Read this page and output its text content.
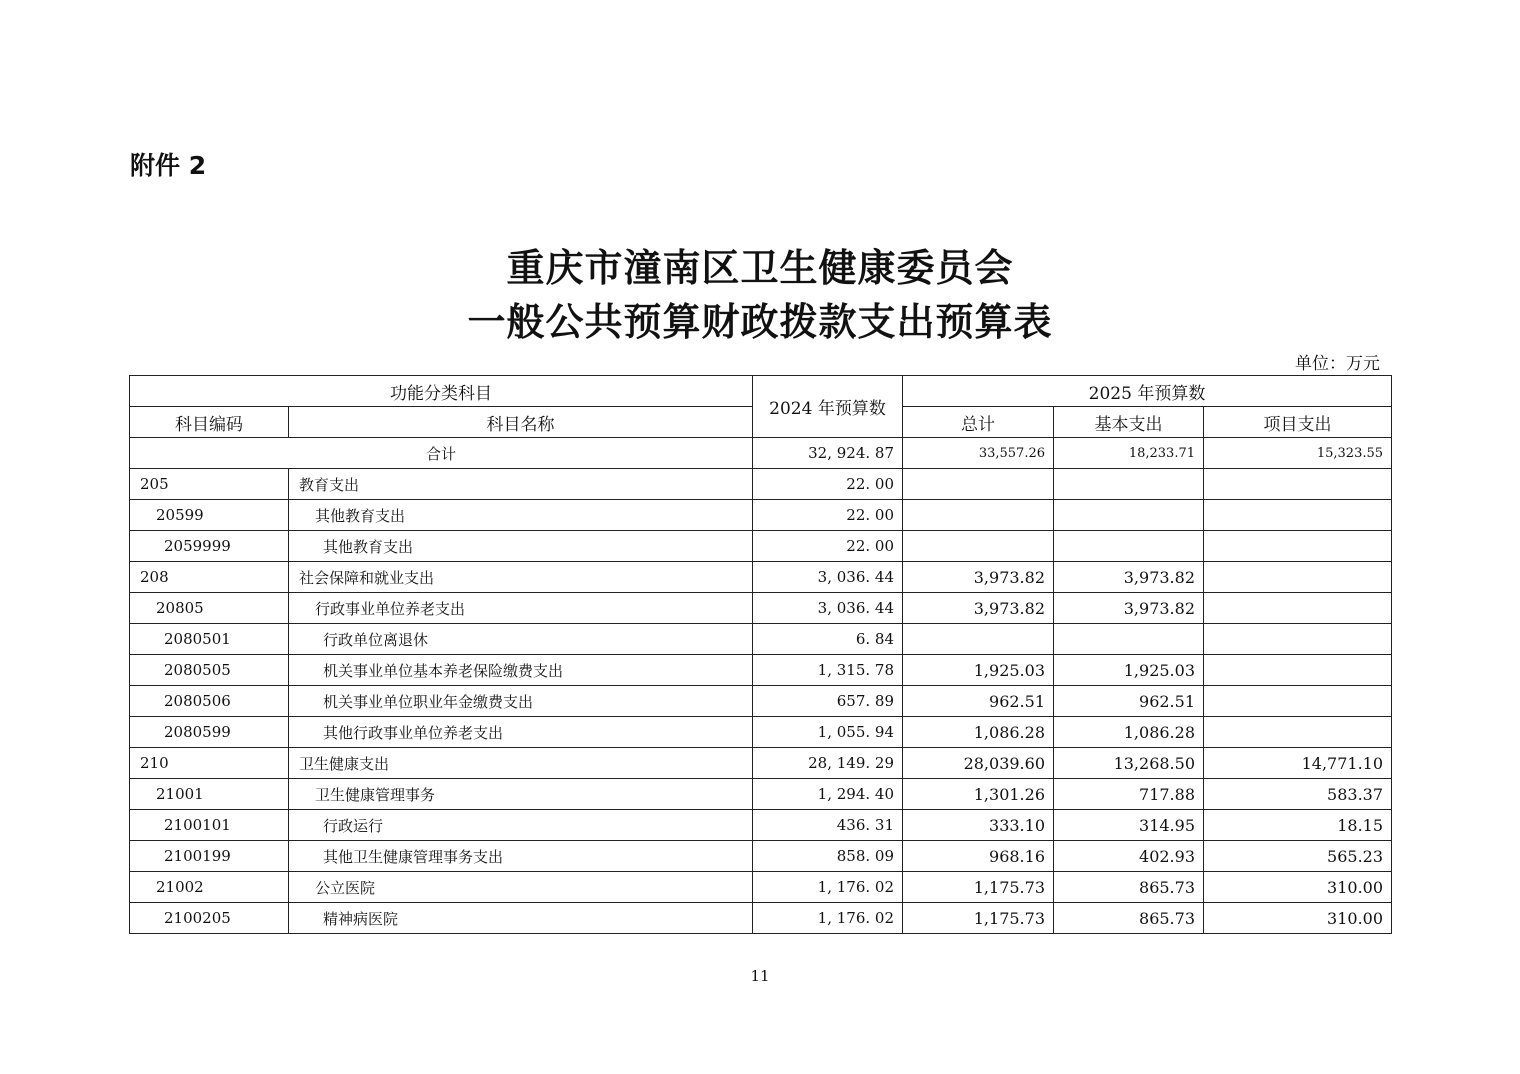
附件 2
重庆市潼南区卫生健康委员会
一般公共预算财政拨款支出预算表
单位：万元
功能分类科目		2024 年预算数	2025 年预算数		
科目编码	科目名称		总计	基本支出	项目支出
合计		32, 924. 87	33,557.26	18,233.71	15,323.55
205	教育支出	22. 00			
20599	其他教育支出	22. 00			
2059999	其他教育支出	22. 00			
208	社会保障和就业支出	3, 036. 44	3,973.82	3,973.82	
20805	行政事业单位养老支出	3, 036. 44	3,973.82	3,973.82	
2080501	行政单位离退休	6. 84			
2080505	机关事业单位基本养老保险缴费支出	1, 315. 78	1,925.03	1,925.03	
2080506	机关事业单位职业年金缴费支出	657. 89	962.51	962.51	
2080599	其他行政事业单位养老支出	1, 055. 94	1,086.28	1,086.28	
210	卫生健康支出	28, 149. 29	28,039.60	13,268.50	14,771.10
21001	卫生健康管理事务	1, 294. 40	1,301.26	717.88	583.37
2100101	行政运行	436. 31	333.10	314.95	18.15
2100199	其他卫生健康管理事务支出	858. 09	968.16	402.93	565.23
21002	公立医院	1, 176. 02	1,175.73	865.73	310.00
2100205	精神病医院	1, 176. 02	1,175.73	865.73	310.00
11
